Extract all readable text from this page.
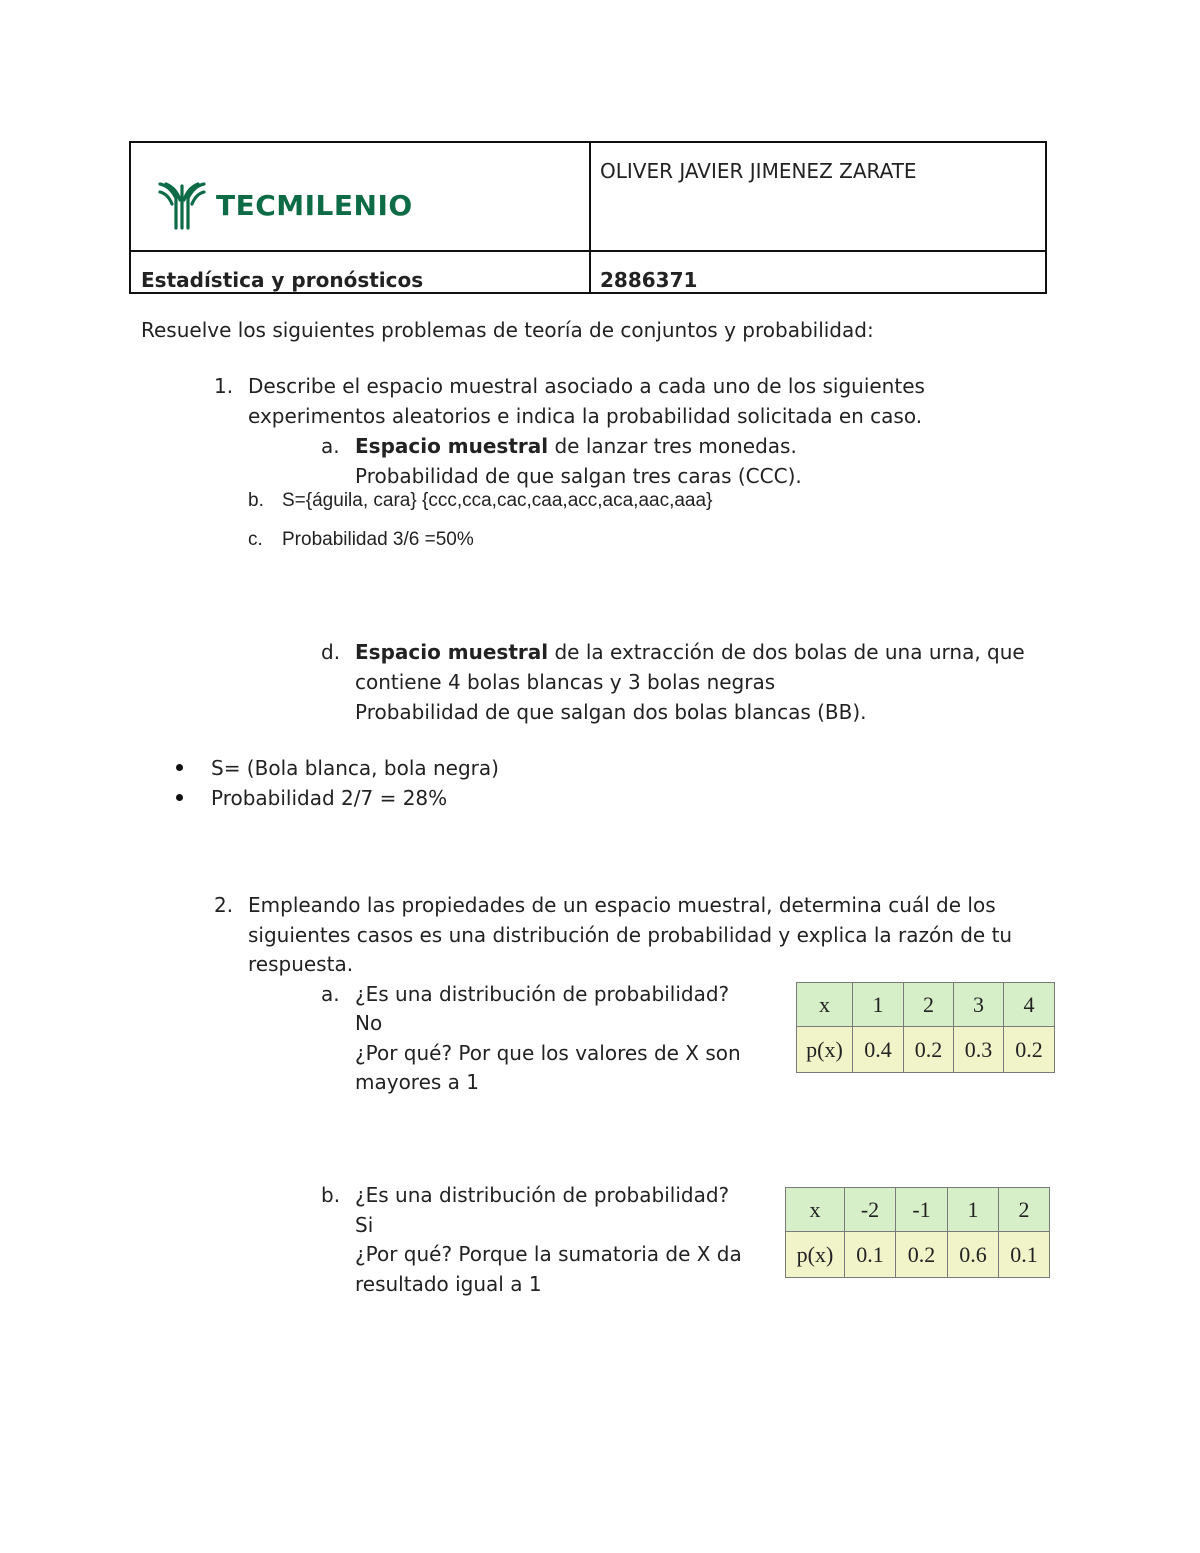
TECMILENIO
OLIVER JAVIER JIMENEZ ZARATE
Estadística y pronósticos	2886371
Resuelve los siguientes problemas de teoría de conjuntos y probabilidad:
1. Describe el espacio muestral asociado a cada uno de los siguientes
experimentos aleatorios e indica la probabilidad solicitada en caso.
a. Espacio muestral de lanzar tres monedas.
Probabilidad de que salgan tres caras (CCC).
b. S={águila, cara} {ccc,cca,cac,caa,acc,aca,aac,aaa}
c. Probabilidad 3/6 =50%
d. Espacio muestral de la extracción de dos bolas de una urna, que
contiene 4 bolas blancas y 3 bolas negras
Probabilidad de que salgan dos bolas blancas (BB).
S= (Bola blanca, bola negra)
Probabilidad 2/7 = 28%
2. Empleando las propiedades de un espacio muestral, determina cuál de los
siguientes casos es una distribución de probabilidad y explica la razón de tu
respuesta.
a. ¿Es una distribución de probabilidad?
No
¿Por qué? Por que los valores de X son
mayores a 1
x	1	2	3	4
p(x)	0.4	0.2	0.3	0.2
b. ¿Es una distribución de probabilidad?
Si
¿Por qué? Porque la sumatoria de X da
resultado igual a 1
x	-2	-1	1	2
p(x)	0.1	0.2	0.6	0.1
